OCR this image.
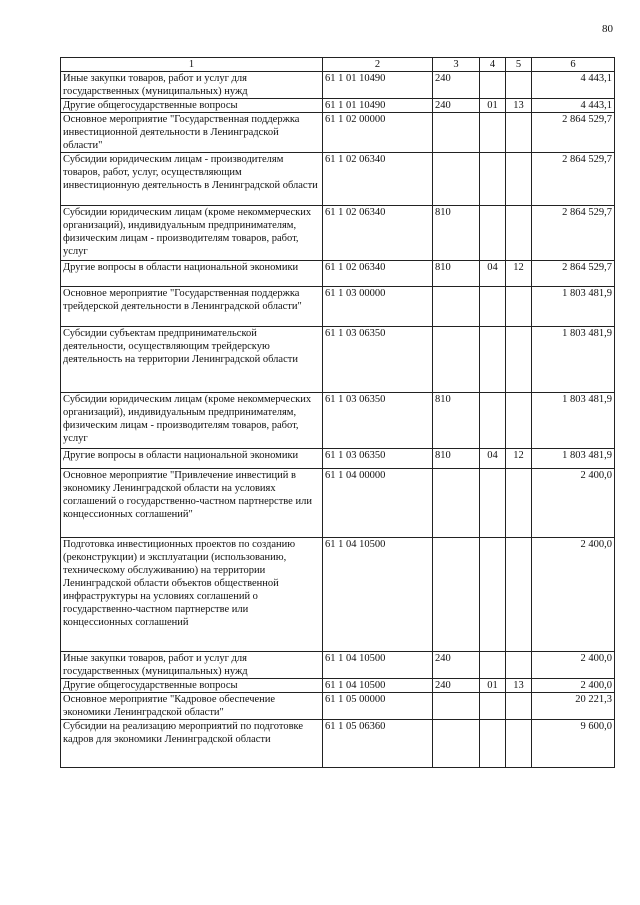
80
1	2	3	4	5	6
Иные закупки товаров, работ и услуг для государственных (муниципальных) нужд	61 1 01 10490	240			4 443,1
Другие общегосударственные вопросы	61 1 01 10490	240	01	13	4 443,1
Основное мероприятие "Государственная поддержка инвестиционной деятельности в Ленинградской области"	61 1 02 00000				2 864 529,7
Субсидии юридическим лицам - производителям товаров, работ, услуг, осуществляющим инвестиционную деятельность в Ленинградской области	61 1 02 06340				2 864 529,7
Субсидии юридическим лицам (кроме некоммерческих организаций), индивидуальным предпринимателям, физическим лицам - производителям товаров, работ, услуг	61 1 02 06340	810			2 864 529,7
Другие вопросы в области национальной экономики	61 1 02 06340	810	04	12	2 864 529,7
Основное мероприятие "Государственная поддержка трейдерской деятельности в Ленинградской области"	61 1 03 00000				1 803 481,9
Субсидии субъектам предпринимательской деятельности, осуществляющим трейдерскую деятельность на территории Ленинградской области	61 1 03 06350				1 803 481,9
Субсидии юридическим лицам (кроме некоммерческих организаций), индивидуальным предпринимателям, физическим лицам - производителям товаров, работ, услуг	61 1 03 06350	810			1 803 481,9
Другие вопросы в области национальной экономики	61 1 03 06350	810	04	12	1 803 481,9
Основное мероприятие "Привлечение инвестиций в экономику Ленинградской области на условиях соглашений о государственно-частном партнерстве или концессионных соглашений"	61 1 04 00000				2 400,0
Подготовка инвестиционных проектов по созданию (реконструкции) и эксплуатации (использованию, техническому обслуживанию) на территории Ленинградской области объектов общественной инфраструктуры на условиях соглашений о государственно-частном партнерстве или концессионных соглашений	61 1 04 10500				2 400,0
Иные закупки товаров, работ и услуг для государственных (муниципальных) нужд	61 1 04 10500	240			2 400,0
Другие общегосударственные вопросы	61 1 04 10500	240	01	13	2 400,0
Основное мероприятие "Кадровое обеспечение экономики Ленинградской области"	61 1 05 00000				20 221,3
Субсидии на реализацию мероприятий по подготовке кадров для экономики Ленинградской области	61 1 05 06360				9 600,0
